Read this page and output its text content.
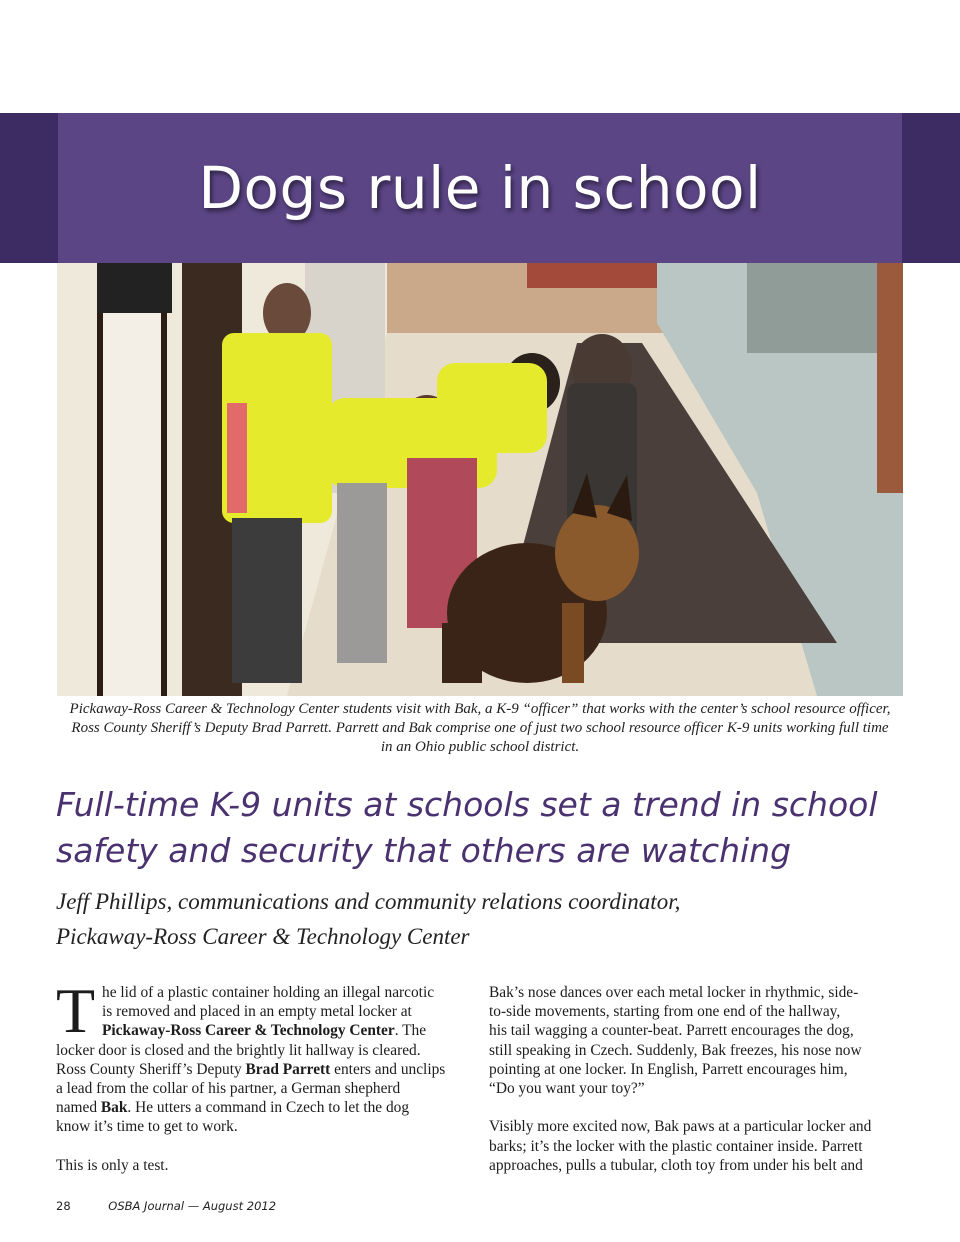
Dogs rule in school
Pickaway-Ross Career & Technology Center students visit with Bak, a K-9 “officer” that works with the center’s school resource officer,
Ross County Sheriff’s Deputy Brad Parrett. Parrett and Bak comprise one of just two school resource officer K-9 units working full time
in an Ohio public school district.
Full-time K-9 units at schools set a trend in school
safety and security that others are watching
Jeff Phillips, communications and community relations coordinator,
Pickaway-Ross Career & Technology Center
T he lid of a plastic container holding an illegal narcotic
is removed and placed in an empty metal locker at
Pickaway-Ross Career & Technology Center. The
locker door is closed and the brightly lit hallway is cleared.
Ross County Sheriff’s Deputy Brad Parrett enters and unclips
a lead from the collar of his partner, a German shepherd
named Bak. He utters a command in Czech to let the dog
know it’s time to get to work.
This is only a test.
Bak’s nose dances over each metal locker in rhythmic, side-
to-side movements, starting from one end of the hallway,
his tail wagging a counter-beat. Parrett encourages the dog,
still speaking in Czech. Suddenly, Bak freezes, his nose now
pointing at one locker. In English, Parrett encourages him,
“Do you want your toy?”
Visibly more excited now, Bak paws at a particular locker and
barks; it’s the locker with the plastic container inside. Parrett
approaches, pulls a tubular, cloth toy from under his belt and
28	OSBA Journal — August 2012
